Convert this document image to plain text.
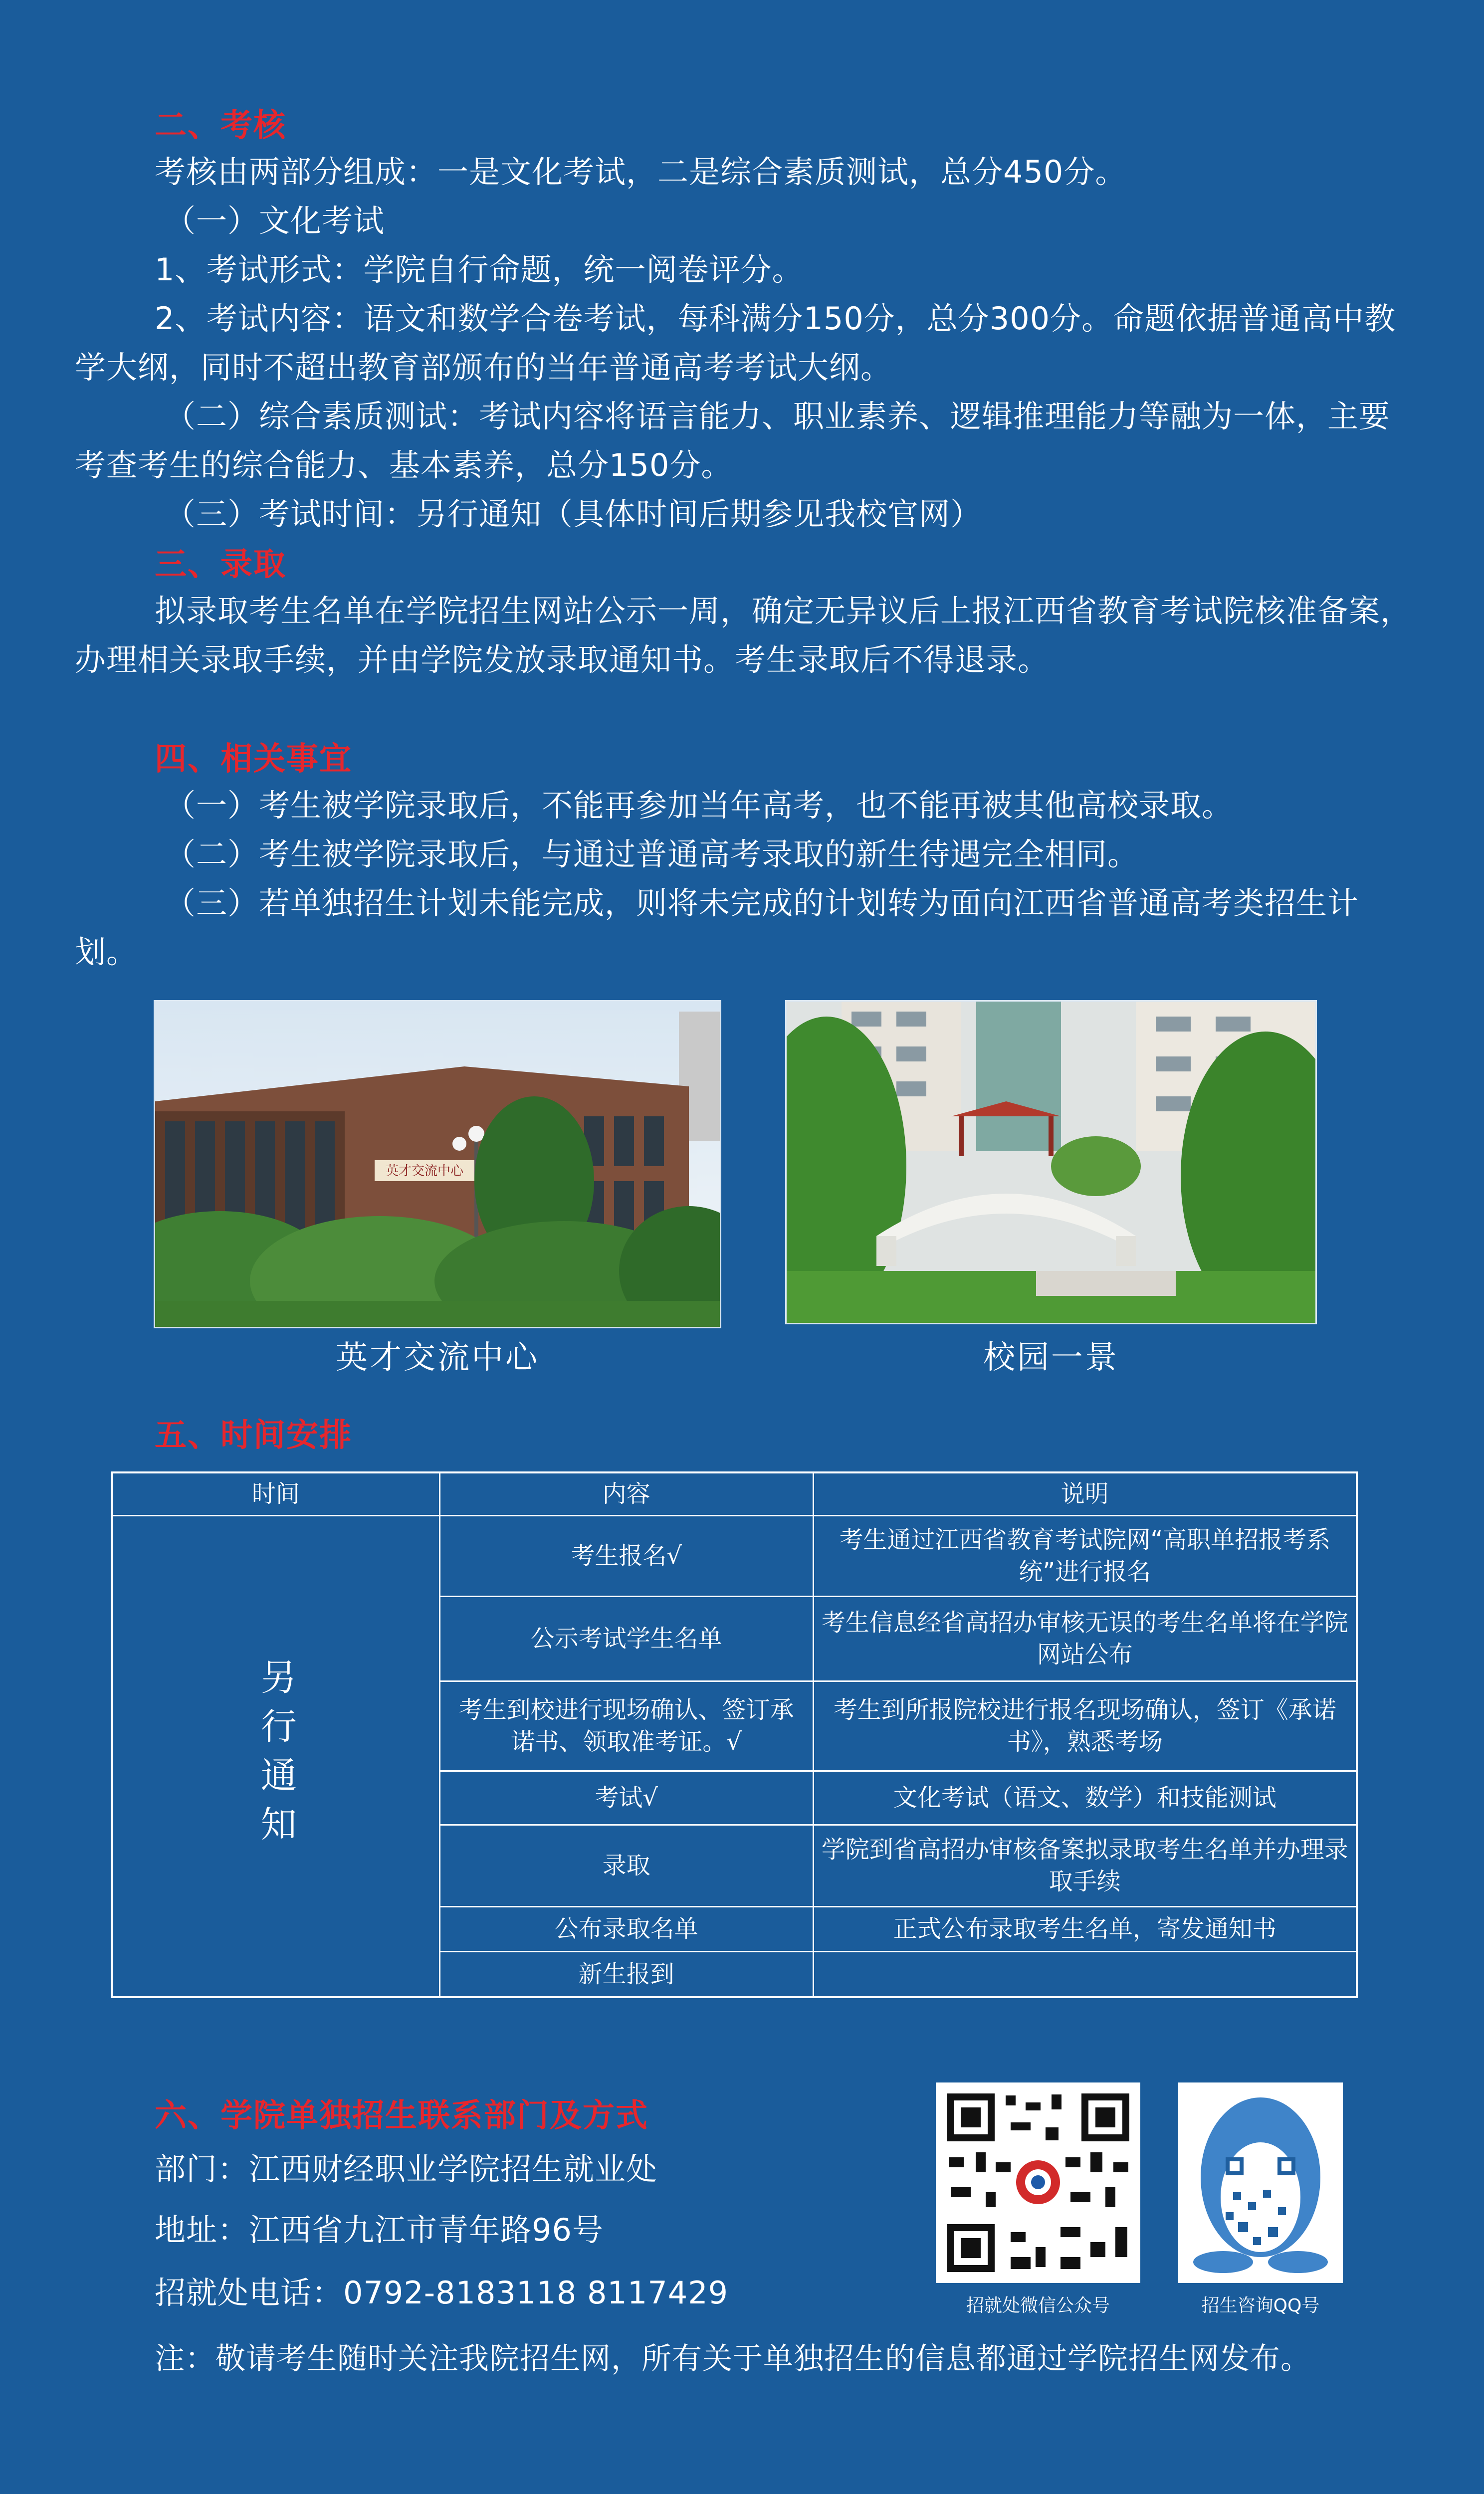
二、考核
考核由两部分组成：一是文化考试，二是综合素质测试，总分450分。
（一）文化考试
1、考试形式：学院自行命题，统一阅卷评分。
2、考试内容：语文和数学合卷考试，每科满分150分，总分300分。命题依据普通高中教学大纲，同时不超出教育部颁布的当年普通高考考试大纲。
（二）综合素质测试：考试内容将语言能力、职业素养、逻辑推理能力等融为一体，主要考查考生的综合能力、基本素养，总分150分。
（三）考试时间：另行通知（具体时间后期参见我校官网）
三、录取
拟录取考生名单在学院招生网站公示一周，确定无异议后上报江西省教育考试院核准备案，办理相关录取手续，并由学院发放录取通知书。考生录取后不得退录。
四、相关事宜
（一）考生被学院录取后，不能再参加当年高考，也不能再被其他高校录取。
（二）考生被学院录取后，与通过普通高考录取的新生待遇完全相同。
（三）若单独招生计划未能完成，则将未完成的计划转为面向江西省普通高考类招生计划。
英才交流中心
英才交流中心	校园一景
五、时间安排
时间	内容	说明

另行通知	考生报名√	考生通过江西省教育考试院网“高职单招报考系统”进行报名
	公示考试学生名单	考生信息经省高招办审核无误的考生名单将在学院网站公布
	考生到校进行现场确认、签订承诺书、领取准考证。√	考生到所报院校进行报名现场确认，签订《承诺书》，熟悉考场
	考试√	文化考试（语文、数学）和技能测试
	录取	学院到省高招办审核备案拟录取考生名单并办理录取手续
	公布录取名单	正式公布录取考生名单，寄发通知书
	新生报到	
六、学院单独招生联系部门及方式
部门：江西财经职业学院招生就业处
地址：江西省九江市青年路96号
招就处电话：0792-8183118 8117429	招就处微信公众号	招生咨询QQ号
注：敬请考生随时关注我院招生网，所有关于单独招生的信息都通过学院招生网发布。
